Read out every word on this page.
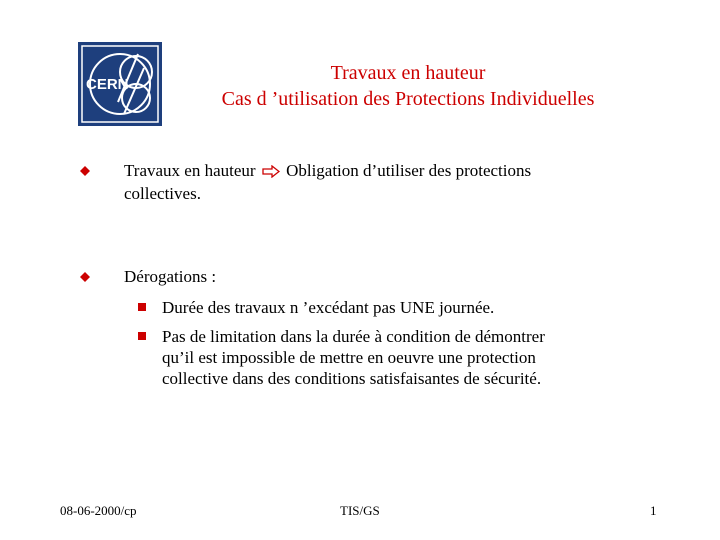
CERN
Travaux en hauteur
Cas d ’utilisation des Protections Individuelles
Travaux en hauteur Obligation d’utiliser des protections
collectives.
Dérogations :
Durée des travaux n ’excédant pas UNE journée.
Pas de limitation dans la durée à condition de démontrer
qu’il est impossible de mettre en oeuvre une protection
collective dans des conditions satisfaisantes de sécurité.
08-06-2000/cp	TIS/GS	1
